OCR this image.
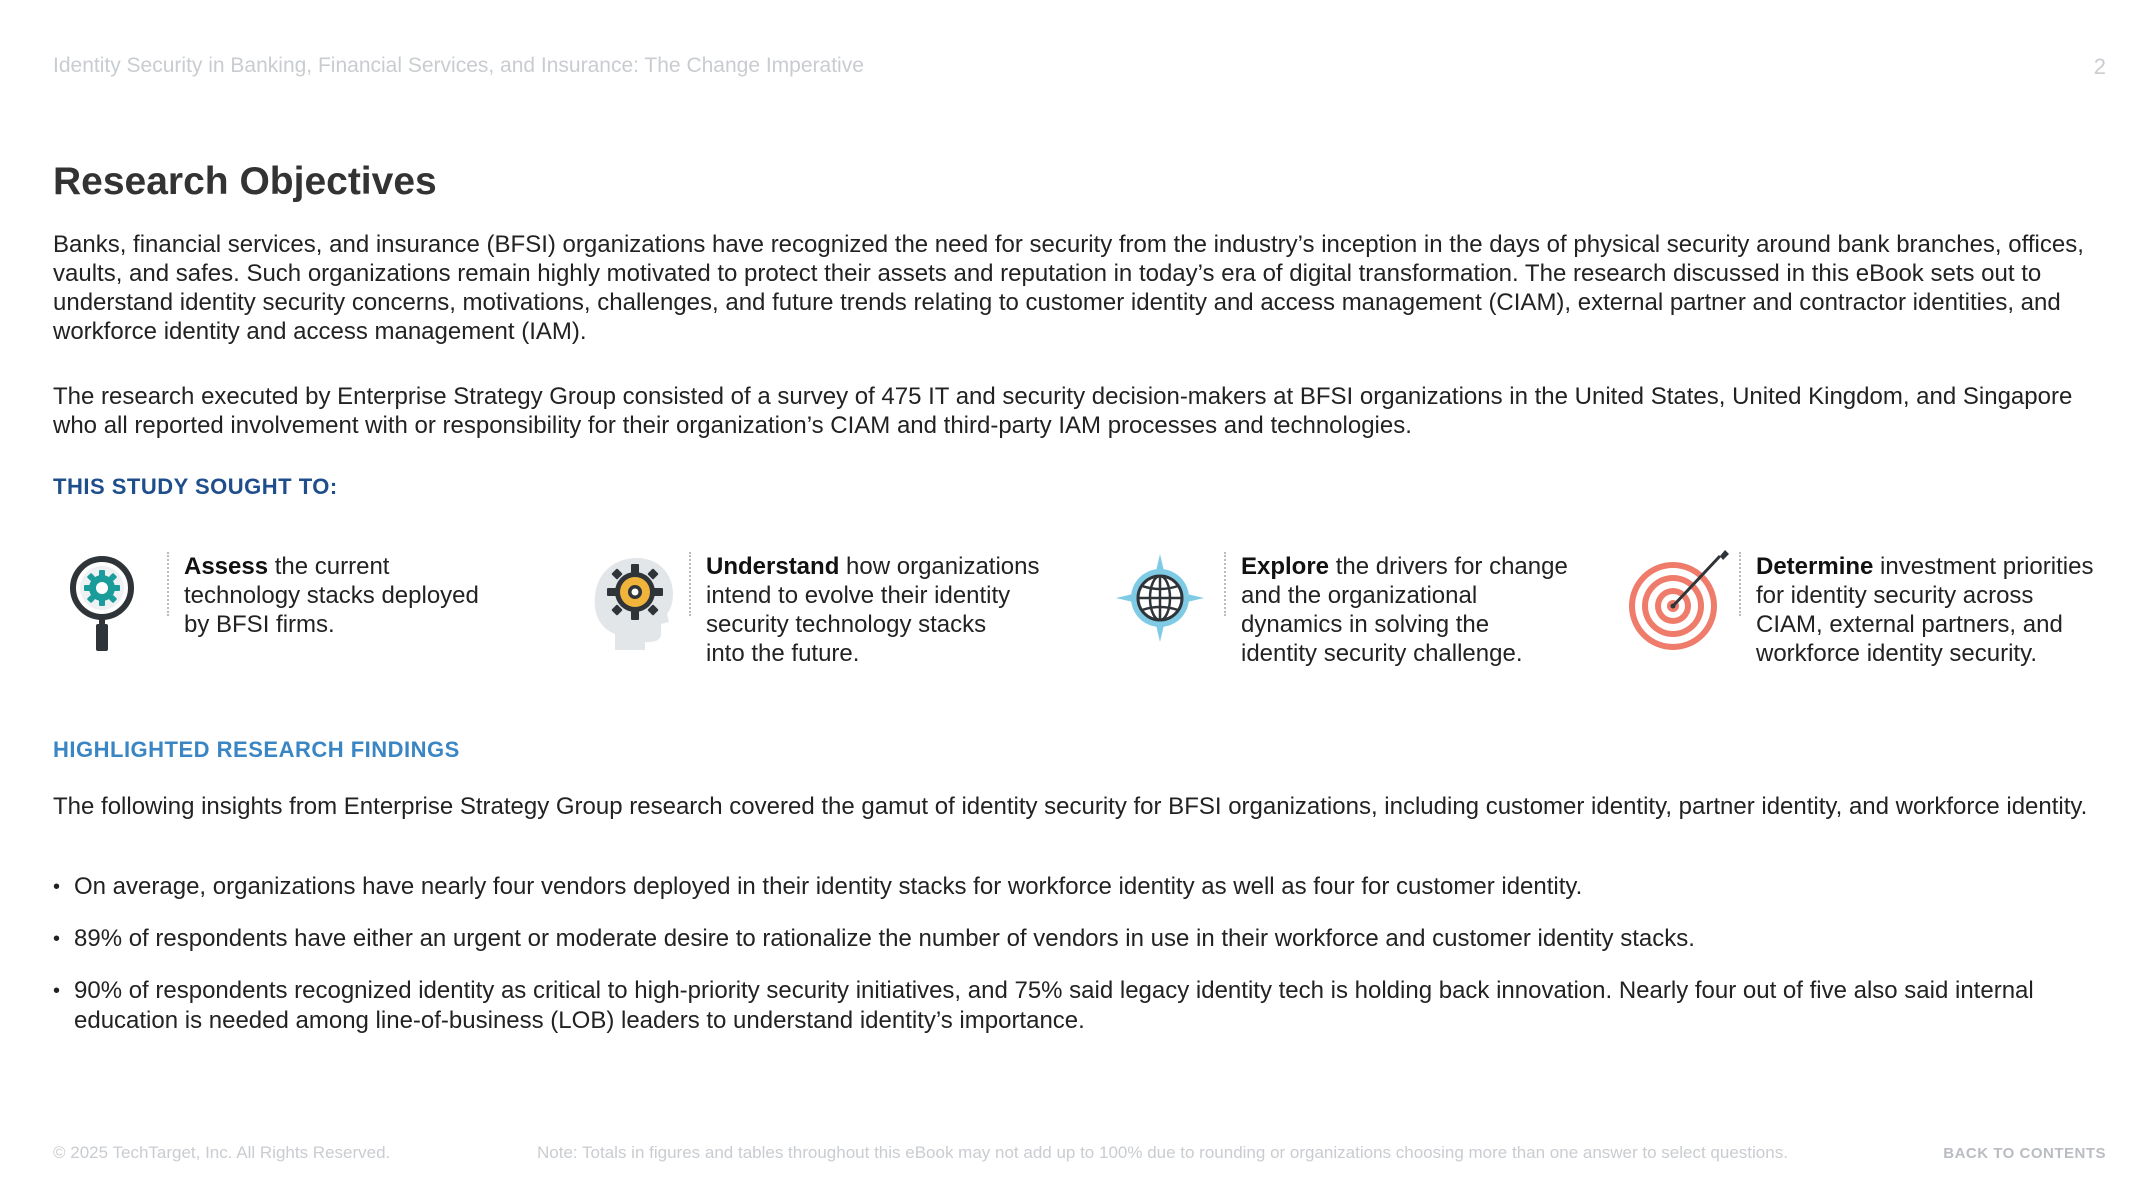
Identity Security in Banking, Financial Services, and Insurance: The Change Imperative	2
Research Objectives

Banks, financial services, and insurance (BFSI) organizations have recognized the need for security from the industry’s inception in the days of physical security around bank branches, offices, vaults, and safes. Such organizations remain highly motivated to protect their assets and reputation in today’s era of digital transformation. The research discussed in this eBook sets out to understand identity security concerns, motivations, challenges, and future trends relating to customer identity and access management (CIAM), external partner and contractor identities, and workforce identity and access management (IAM).

The research executed by Enterprise Strategy Group consisted of a survey of 475 IT and security decision-makers at BFSI organizations in the United States, United Kingdom, and Singapore who all reported involvement with or responsibility for their organization’s CIAM and third-party IAM processes and technologies.

THIS STUDY SOUGHT TO:
Assess the current
technology stacks deployed
by BFSI firms.
Understand how organizations
intend to evolve their identity
security technology stacks
into the future.
Explore the drivers for change
and the organizational
dynamics in solving the
identity security challenge.
Determine investment priorities
for identity security across
CIAM, external partners, and
workforce identity security.
HIGHLIGHTED RESEARCH FINDINGS

The following insights from Enterprise Strategy Group research covered the gamut of identity security for BFSI organizations, including customer identity, partner identity, and workforce identity.

• On average, organizations have nearly four vendors deployed in their identity stacks for workforce identity as well as four for customer identity.
• 89% of respondents have either an urgent or moderate desire to rationalize the number of vendors in use in their workforce and customer identity stacks.
• 90% of respondents recognized identity as critical to high-priority security initiatives, and 75% said legacy identity tech is holding back innovation. Nearly four out of five also said internal education is needed among line-of-business (LOB) leaders to understand identity’s importance.
© 2025 TechTarget, Inc. All Rights Reserved.	Note: Totals in figures and tables throughout this eBook may not add up to 100% due to rounding or organizations choosing more than one answer to select questions.	BACK TO CONTENTS
